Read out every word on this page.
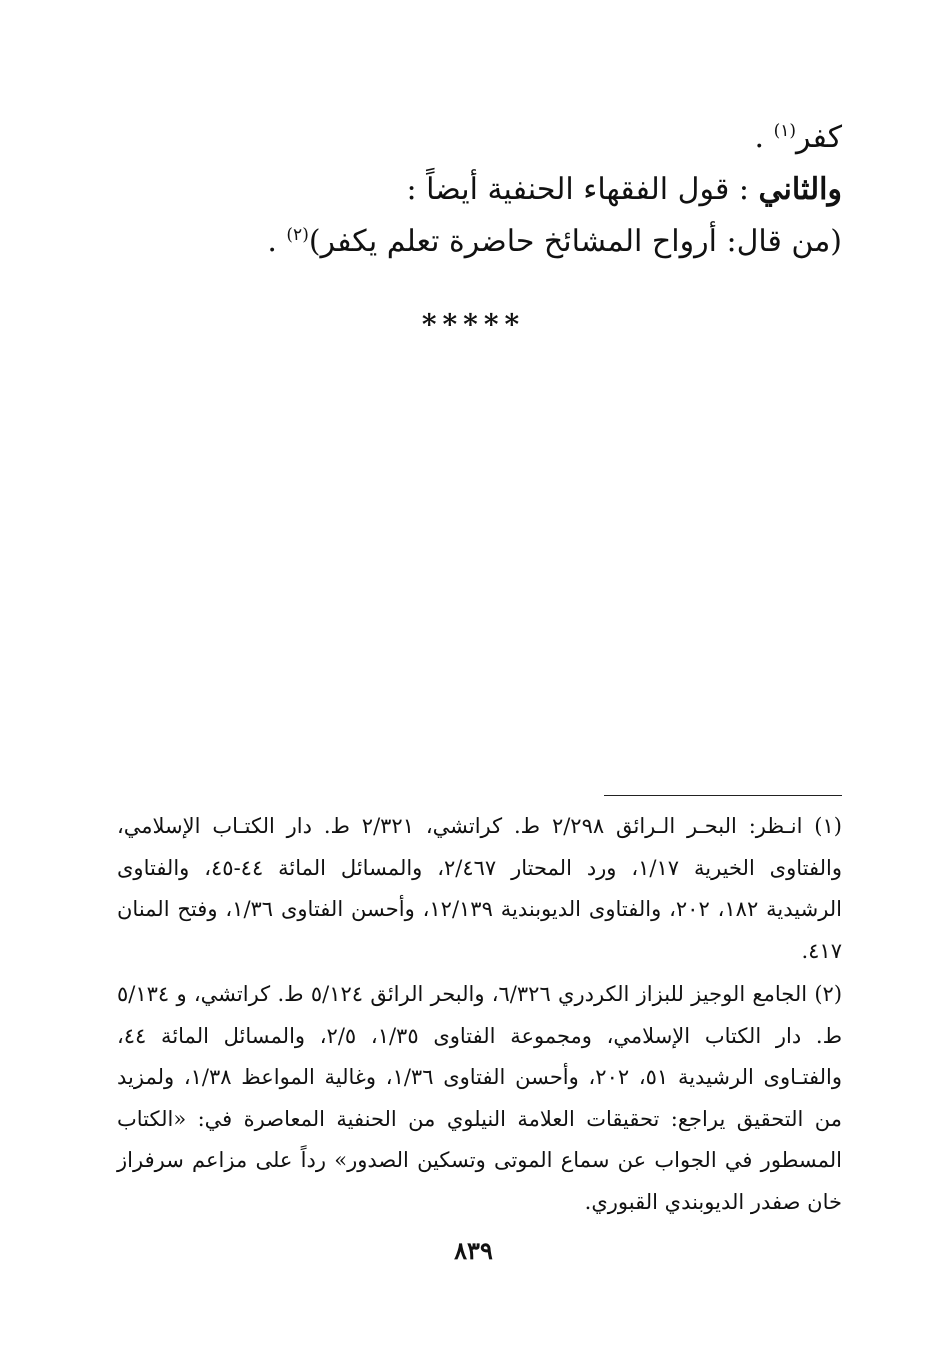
كفر$^{(١)}$ .

والثاني : قول الفقهاء الحنفية أيضاً :

(من قال: أرواح المشائخ حاضرة تعلم يكفر)$^{(٢)}$ .

*****

(١) انـظر: البحـر الـرائق ٢/٢٩٨ ط. كراتشي، ٢/٣٢١ ط. دار الكتـاب الإسلامي، والفتاوى الخيرية ١/١٧، ورد المحتار ٢/٤٦٧، والمسائل المائة ٤٤-٤٥، والفتاوى الرشيدية ١٨٢، ٢٠٢، والفتاوى الديوبندية ١٢/١٣٩، وأحسن الفتاوى ١/٣٦، وفتح المنان ٤١٧.

(٢) الجامع الوجيز للبزاز الكردري ٦/٣٢٦، والبحر الرائق ٥/١٢٤ ط. كراتشي، و ٥/١٣٤ ط. دار الكتاب الإسلامي، ومجموعة الفتاوى ١/٣٥، ٢/٥، والمسائل المائة ٤٤، والفتـاوى الرشيدية ٥١، ٢٠٢، وأحسن الفتاوى ١/٣٦، وغالية المواعظ ١/٣٨، ولمزيد من التحقيق يراجع: تحقيقات العلامة النيلوي من الحنفية المعاصرة في: «الكتاب المسطور في الجواب عن سماع الموتى وتسكين الصدور» رداً على مزاعم سرفراز خان صفدر الديوبندي القبوري.

٨٣٩
